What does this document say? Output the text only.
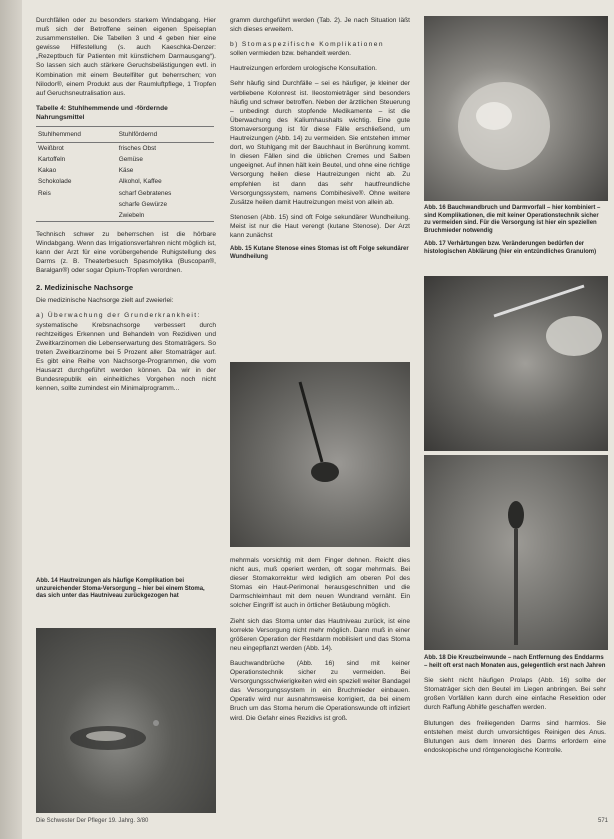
Durchfällen oder zu besonders starkem Windabgang. Hier muß sich der Betroffene seinen eigenen Speiseplan zusammenstellen. Die Tabellen 3 und 4 geben hier eine gewisse Hilfestellung (s. auch Kaeschka-Denzer: „Rezeptbuch für Patienten mit künstlichem Darmausgang“). So lassen sich auch stärkere Geruchsbelästigungen evtl. in Kombination mit einem Beutelfilter gut beherrschen; von Nilodor®, einem Produkt aus der Raumluftpflege, 1 Tropfen auf Geruchsneutralisation aus.

Tabelle 4: Stuhlhemmende und -fördernde Nahrungsmittel
Stuhlhemmend	Stuhlfördernd
Weißbrot	frisches Obst
Kartoffeln	Gemüse
Kakao	Käse
Schokolade	Alkohol, Kaffee
Reis	scharf Gebratenes
	scharfe Gewürze
	Zwiebeln

Technisch schwer zu beherrschen ist die hörbare Windabgang. Wenn das Irrigationsverfahren nicht möglich ist, kann der Arzt für eine vorübergehende Ruhigstellung des Darms (z. B. Theaterbesuch Spasmolytika (Buscopan®, Baralgan®) oder sogar Opium-Tropfen verordnen.

2. Medizinische Nachsorge

Die medizinische Nachsorge zielt auf zweierlei:

a) Überwachung der Grunderkrankheit:

systematische Krebsnachsorge verbessert durch rechtzeitiges Erkennen und Behandeln von Rezidiven und Zweitkarzinomen die Lebenserwartung des Stomaträgers. So treten Zweitkarzinome bei 5 Prozent aller Stomaträger auf. Es gibt eine Reihe von Nachsorge-Programmen, die vom Hausarzt durchgeführt werden können. Da wir in der Bundesrepublik ein einheitliches Vorgehen noch nicht kennen, sollte zumindest ein Minimalprogramm...

Abb. 14 Hautreizungen als häufige Komplikation bei unzureichender Stoma-Versorgung – hier bei einem Stoma, das sich unter das Hautniveau zurückgezogen hat

gramm durchgeführt werden (Tab. 2). Je nach Situation läßt sich dieses erweitern.

b) Stomaspezifische Komplikationen

sollen vermieden bzw. behandelt werden.

Hautreizungen erfordern urologische Konsultation.

Sehr häufig sind Durchfälle – sei es häufiger, je kleiner der verbliebene Kolonrest ist. Ileostomieträger sind besonders häufig und schwer betroffen. Neben der ärztlichen Steuerung – unbedingt durch stopfende Medikamente – ist die Überwachung des Kaliumhaushalts wichtig. Eine gute Stomaversorgung ist für diese Fälle erschließend, um Hautreizungen (Abb. 14) zu vermeiden. Sie entstehen immer dort, wo Stuhlgang mit der Bauchhaut in Berührung kommt. In diesen Fällen sind die üblichen Cremes und Salben ungeeignet. Auf ihnen hält kein Beutel, und ohne eine richtige Versorgung heilen diese Hautreizungen nicht ab. Zu empfehlen ist dann das sehr hautfreundliche Versorgungssystem, namens Combihesive®. Ohne weitere Zusätze heilen damit Hautreizungen meist von allein ab.

Stenosen (Abb. 15) sind oft Folge sekundärer Wundheilung. Meist ist nur die Haut verengt (kutane Stenose). Der Arzt kann zunächst

Abb. 15 Kutane Stenose eines Stomas ist oft Folge sekundärer Wundheilung

mehrmals vorsichtig mit dem Finger dehnen. Reicht dies nicht aus, muß operiert werden, oft sogar mehrmals. Bei dieser Stomakorrektur wird lediglich am oberen Pol des Stomas ein Haut-Perimonal herausgeschnitten und die Darmschleimhaut mit dem neuen Wundrand vernäht. Ein solcher Eingriff ist auch in örtlicher Betäubung möglich.

Zieht sich das Stoma unter das Hautniveau zurück, ist eine korrekte Versorgung nicht mehr möglich. Dann muß in einer größeren Operation der Restdarm mobilisiert und das Stoma neu eingepflanzt werden (Abb. 14).

Bauchwandbrüche (Abb. 16) sind mit keiner Operationstechnik sicher zu vermeiden. Bei Versorgungsschwierigkeiten wird ein speziell weiter Bandagel das Versorgungssystem in ein Bruchmieder einbauen. Operativ wird nur ausnahmsweise korrigiert, da bei einem Bruch um das Stoma herum die Operationswunde oft infiziert wird. Die Gefahr eines Rezidivs ist groß.

Abb. 16 Bauchwandbruch und Darmvorfall – hier kombiniert – sind Komplikationen, die mit keiner Operationstechnik sicher zu vermeiden sind. Für die Versorgung ist hier ein speziellen Bruchmieder notwendig
Abb. 17 Verhärtungen bzw. Veränderungen bedürfen der histologischen Abklärung (hier ein entzündliches Granulom)
Abb. 18 Die Kreuzbeinwunde – nach Entfernung des Enddarms – heilt oft erst nach Monaten aus, gelegentlich erst nach Jahren

Sie sieht nicht häufigen Prolaps (Abb. 16) sollte der Stomaträger sich den Beutel im Liegen anbringen. Bei sehr großen Vorfällen kann durch eine einfache Resektion oder durch Raffung Abhilfe geschaffen werden.

Blutungen des freiliegenden Darms sind harmlos. Sie entstehen meist durch unvorsichtiges Reinigen des Anus. Blutungen aus dem Inneren des Darms erfordern eine endoskopische und röntgenologische Kontrolle.

Die Schwester Der Pfleger 19. Jahrg. 3/80	571
